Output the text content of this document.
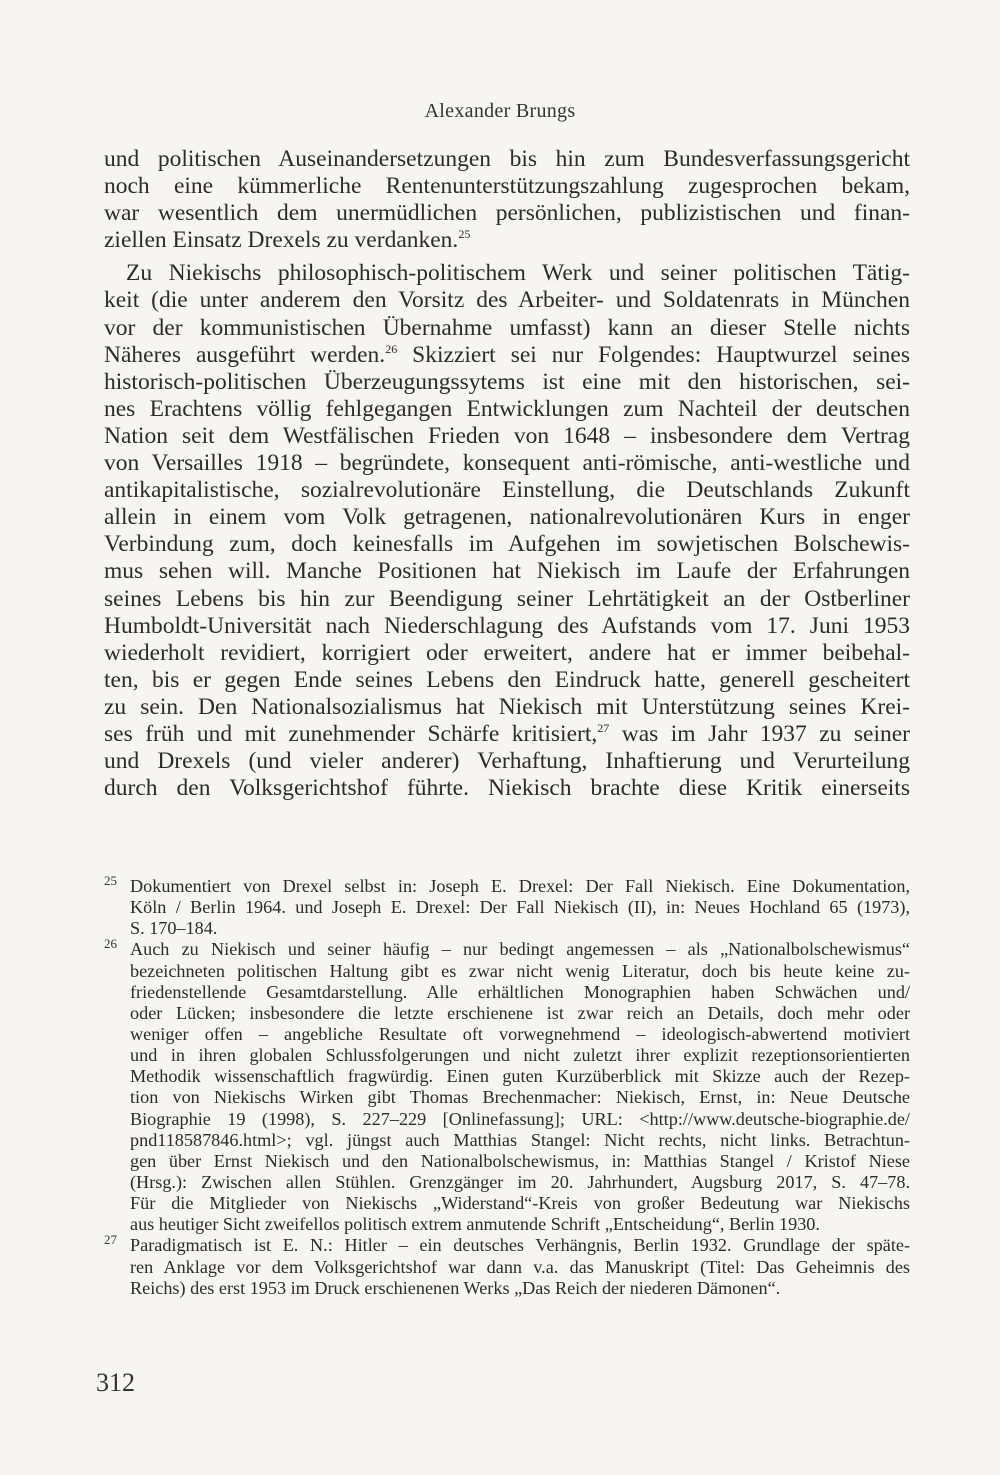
Alexander Brungs
und politischen Auseinandersetzungen bis hin zum Bundesverfassungsgericht
noch eine kümmerliche Rentenunterstützungszahlung zugesprochen bekam,
war wesentlich dem unermüdlichen persönlichen, publizistischen und finan-
ziellen Einsatz Drexels zu verdanken.$^{25}$
Zu Niekischs philosophisch-politischem Werk und seiner politischen Tätig-
keit (die unter anderem den Vorsitz des Arbeiter- und Soldatenrats in München
vor der kommunistischen Übernahme umfasst) kann an dieser Stelle nichts
Näheres ausgeführt werden.$^{26}$ Skizziert sei nur Folgendes: Hauptwurzel seines
historisch-politischen Überzeugungssytems ist eine mit den historischen, sei-
nes Erachtens völlig fehlgegangen Entwicklungen zum Nachteil der deutschen
Nation seit dem Westfälischen Frieden von 1648 – insbesondere dem Vertrag
von Versailles 1918 – begründete, konsequent anti-römische, anti-westliche und
antikapitalistische, sozialrevolutionäre Einstellung, die Deutschlands Zukunft
allein in einem vom Volk getragenen, nationalrevolutionären Kurs in enger
Verbindung zum, doch keinesfalls im Aufgehen im sowjetischen Bolschewis-
mus sehen will. Manche Positionen hat Niekisch im Laufe der Erfahrungen
seines Lebens bis hin zur Beendigung seiner Lehrtätigkeit an der Ostberliner
Humboldt-Universität nach Niederschlagung des Aufstands vom 17. Juni 1953
wiederholt revidiert, korrigiert oder erweitert, andere hat er immer beibehal-
ten, bis er gegen Ende seines Lebens den Eindruck hatte, generell gescheitert
zu sein. Den Nationalsozialismus hat Niekisch mit Unterstützung seines Krei-
ses früh und mit zunehmender Schärfe kritisiert,$^{27}$ was im Jahr 1937 zu seiner
und Drexels (und vieler anderer) Verhaftung, Inhaftierung und Verurteilung
durch den Volksgerichtshof führte. Niekisch brachte diese Kritik einerseits
25 Dokumentiert von Drexel selbst in: Joseph E. Drexel: Der Fall Niekisch. Eine Dokumentation,
Köln / Berlin 1964. und Joseph E. Drexel: Der Fall Niekisch (II), in: Neues Hochland 65 (1973),
S. 170–184.
26 Auch zu Niekisch und seiner häufig – nur bedingt angemessen – als „Nationalbolschewismus“
bezeichneten politischen Haltung gibt es zwar nicht wenig Literatur, doch bis heute keine zu-
friedenstellende Gesamtdarstellung. Alle erhältlichen Monographien haben Schwächen und/
oder Lücken; insbesondere die letzte erschienene ist zwar reich an Details, doch mehr oder
weniger offen – angebliche Resultate oft vorwegnehmend – ideologisch-abwertend motiviert
und in ihren globalen Schlussfolgerungen und nicht zuletzt ihrer explizit rezeptionsorientierten
Methodik wissenschaftlich fragwürdig. Einen guten Kurzüberblick mit Skizze auch der Rezep-
tion von Niekischs Wirken gibt Thomas Brechenmacher: Niekisch, Ernst, in: Neue Deutsche
Biographie 19 (1998), S. 227–229 [Onlinefassung]; URL: <http://www.deutsche-biographie.de/
pnd118587846.html>; vgl. jüngst auch Matthias Stangel: Nicht rechts, nicht links. Betrachtun-
gen über Ernst Niekisch und den Nationalbolschewismus, in: Matthias Stangel / Kristof Niese
(Hrsg.): Zwischen allen Stühlen. Grenzgänger im 20. Jahrhundert, Augsburg 2017, S. 47–78.
Für die Mitglieder von Niekischs „Widerstand“-Kreis von großer Bedeutung war Niekischs
aus heutiger Sicht zweifellos politisch extrem anmutende Schrift „Entscheidung“, Berlin 1930.
27 Paradigmatisch ist E. N.: Hitler – ein deutsches Verhängnis, Berlin 1932. Grundlage der späte-
ren Anklage vor dem Volksgerichtshof war dann v.a. das Manuskript (Titel: Das Geheimnis des
Reichs) des erst 1953 im Druck erschienenen Werks „Das Reich der niederen Dämonen“.
312
